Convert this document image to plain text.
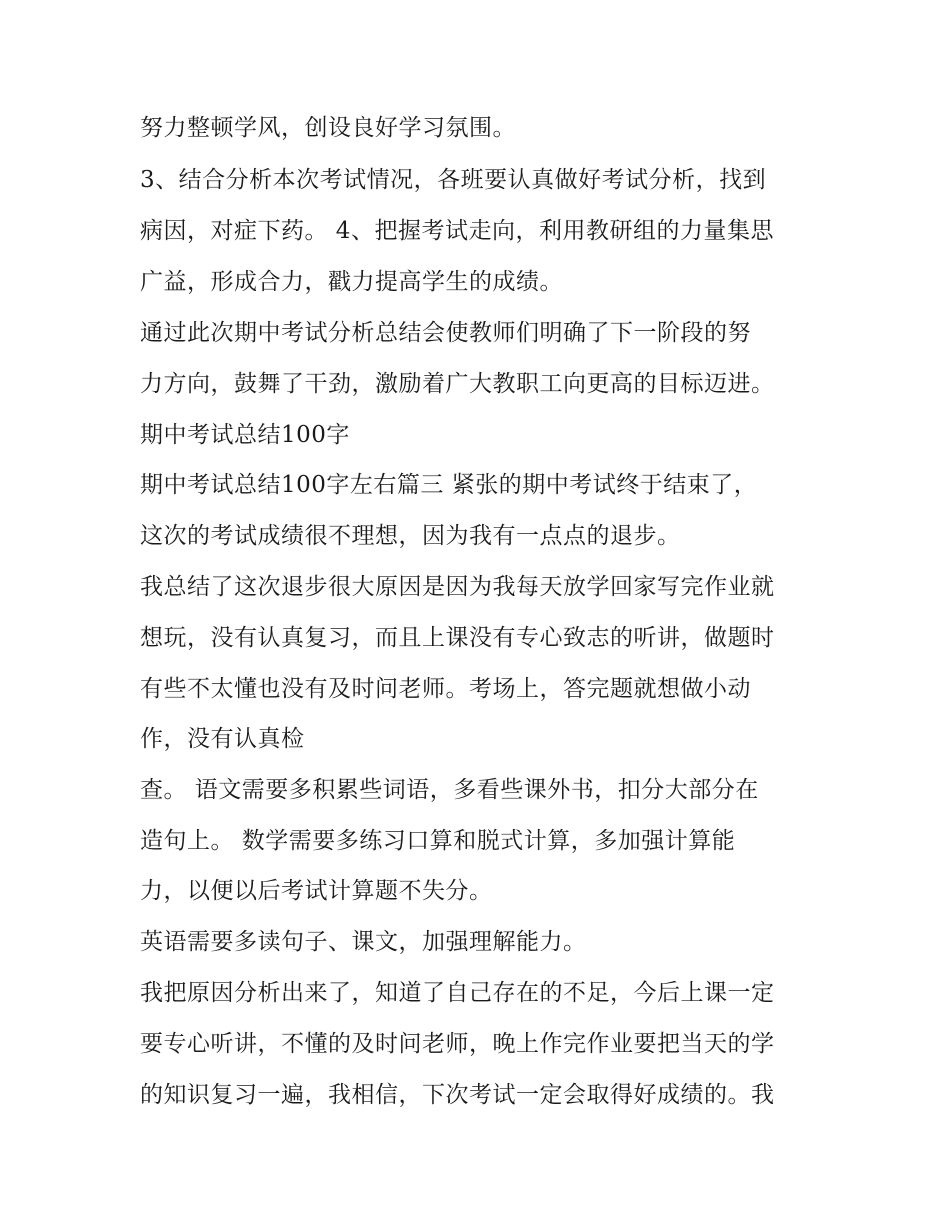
努力整顿学风，创设良好学习氛围。
3、结合分析本次考试情况，各班要认真做好考试分析，找到
病因，对症下药。 4、把握考试走向，利用教研组的力量集思
广益，形成合力，戳力提高学生的成绩。
通过此次期中考试分析总结会使教师们明确了下一阶段的努
力方向，鼓舞了干劲，激励着广大教职工向更高的目标迈进。
期中考试总结100字
期中考试总结100字左右篇三 紧张的期中考试终于结束了，
这次的考试成绩很不理想，因为我有一点点的退步。
我总结了这次退步很大原因是因为我每天放学回家写完作业就
想玩，没有认真复习，而且上课没有专心致志的听讲，做题时
有些不太懂也没有及时问老师。考场上，答完题就想做小动
作，没有认真检
查。 语文需要多积累些词语，多看些课外书，扣分大部分在
造句上。 数学需要多练习口算和脱式计算，多加强计算能
力，以便以后考试计算题不失分。
英语需要多读句子、课文，加强理解能力。
我把原因分析出来了，知道了自己存在的不足，今后上课一定
要专心听讲，不懂的及时问老师，晚上作完作业要把当天的学
的知识复习一遍，我相信，下次考试一定会取得好成绩的。我
